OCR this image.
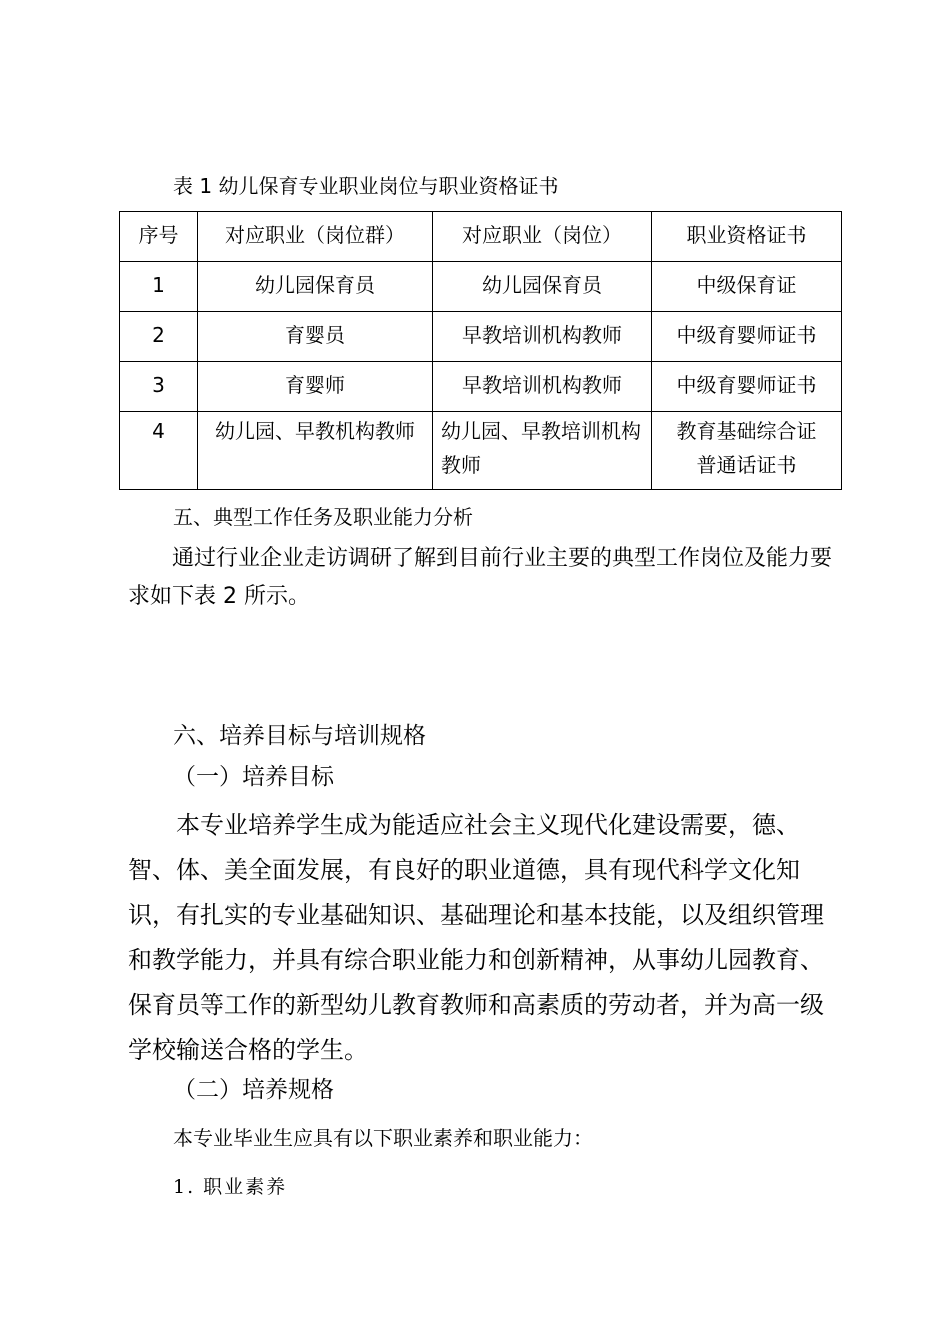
表 1 幼儿保育专业职业岗位与职业资格证书
序号	对应职业（岗位群）	对应职业（岗位）	职业资格证书
1	幼儿园保育员	幼儿园保育员	中级保育证
2	育婴员	早教培训机构教师	中级育婴师证书
3	育婴师	早教培训机构教师	中级育婴师证书
4	幼儿园、早教机构教师	幼儿园、早教培训机构教师	教育基础综合证
普通话证书
五、典型工作任务及职业能力分析
通过行业企业走访调研了解到目前行业主要的典型工作岗位及能力要求如下表 2 所示。
六、培养目标与培训规格
（一）培养目标
本专业培养学生成为能适应社会主义现代化建设需要，德、智、体、美全面发展，有良好的职业道德，具有现代科学文化知识，有扎实的专业基础知识、基础理论和基本技能，以及组织管理和教学能力，并具有综合职业能力和创新精神，从事幼儿园教育、保育员等工作的新型幼儿教育教师和高素质的劳动者，并为高一级学校输送合格的学生。
（二）培养规格
本专业毕业生应具有以下职业素养和职业能力：
1. 职业素养
